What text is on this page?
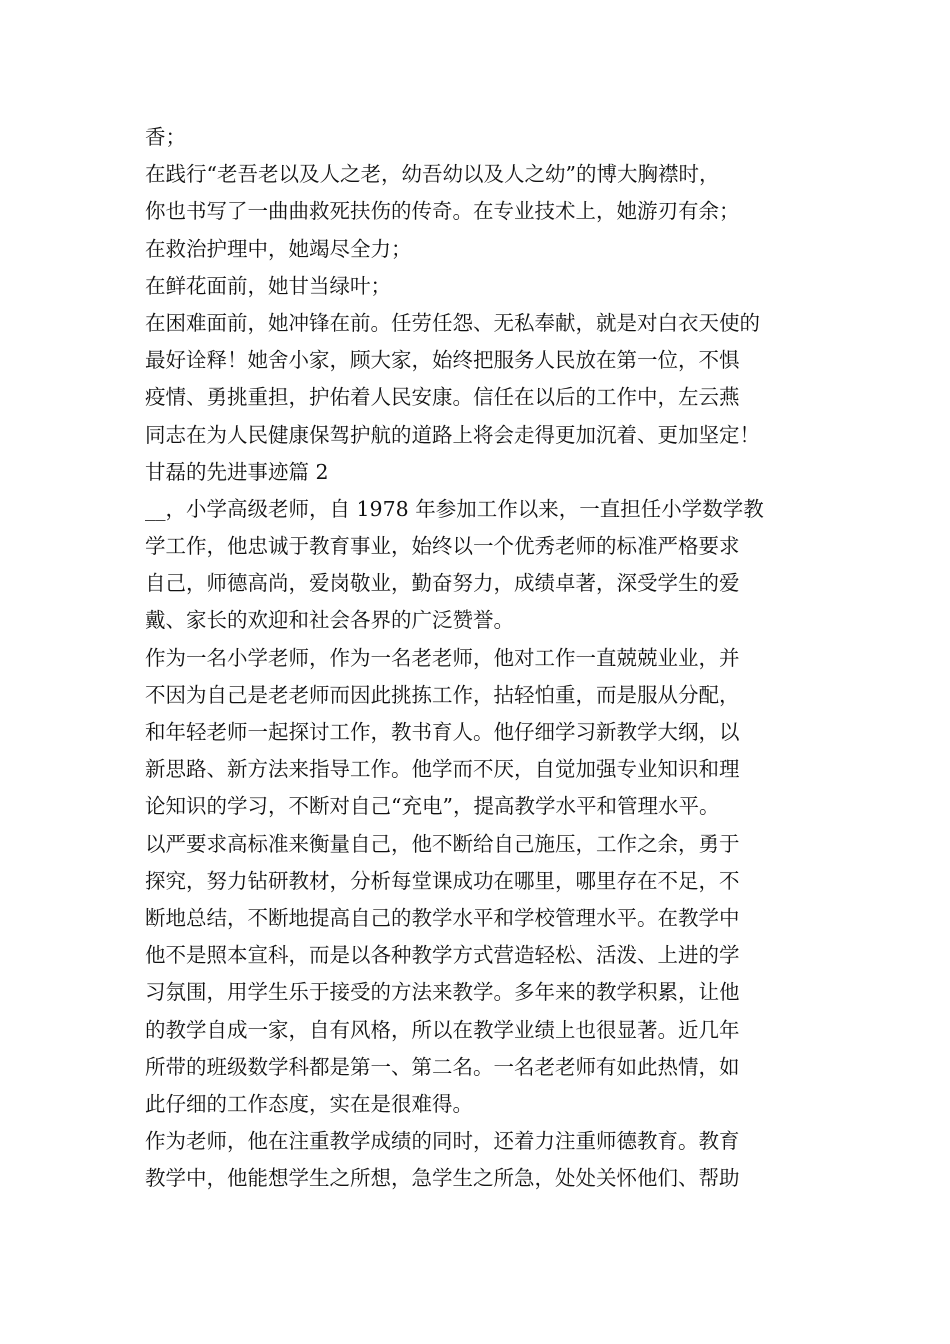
香；
在践行“老吾老以及人之老，幼吾幼以及人之幼”的博大胸襟时，
你也书写了一曲曲救死扶伤的传奇。在专业技术上，她游刃有余；
在救治护理中，她竭尽全力；
在鲜花面前，她甘当绿叶；
在困难面前，她冲锋在前。任劳任怨、无私奉献，就是对白衣天使的
最好诠释！她舍小家，顾大家，始终把服务人民放在第一位，不惧
疫情、勇挑重担，护佑着人民安康。信任在以后的工作中，左云燕
同志在为人民健康保驾护航的道路上将会走得更加沉着、更加坚定！
甘磊的先进事迹篇 2
__，小学高级老师，自 1978 年参加工作以来，一直担任小学数学教
学工作，他忠诚于教育事业，始终以一个优秀老师的标准严格要求
自己，师德高尚，爱岗敬业，勤奋努力，成绩卓著，深受学生的爱
戴、家长的欢迎和社会各界的广泛赞誉。
作为一名小学老师，作为一名老老师，他对工作一直兢兢业业，并
不因为自己是老老师而因此挑拣工作，拈轻怕重，而是服从分配，
和年轻老师一起探讨工作，教书育人。他仔细学习新教学大纲，以
新思路、新方法来指导工作。他学而不厌，自觉加强专业知识和理
论知识的学习，不断对自己“充电”，提高教学水平和管理水平。
以严要求高标准来衡量自己，他不断给自己施压，工作之余，勇于
探究，努力钻研教材，分析每堂课成功在哪里，哪里存在不足，不
断地总结，不断地提高自己的教学水平和学校管理水平。在教学中
他不是照本宣科，而是以各种教学方式营造轻松、活泼、上进的学
习氛围，用学生乐于接受的方法来教学。多年来的教学积累，让他
的教学自成一家，自有风格，所以在教学业绩上也很显著。近几年
所带的班级数学科都是第一、第二名。一名老老师有如此热情，如
此仔细的工作态度，实在是很难得。
作为老师，他在注重教学成绩的同时，还着力注重师德教育。教育
教学中，他能想学生之所想，急学生之所急，处处关怀他们、帮助
